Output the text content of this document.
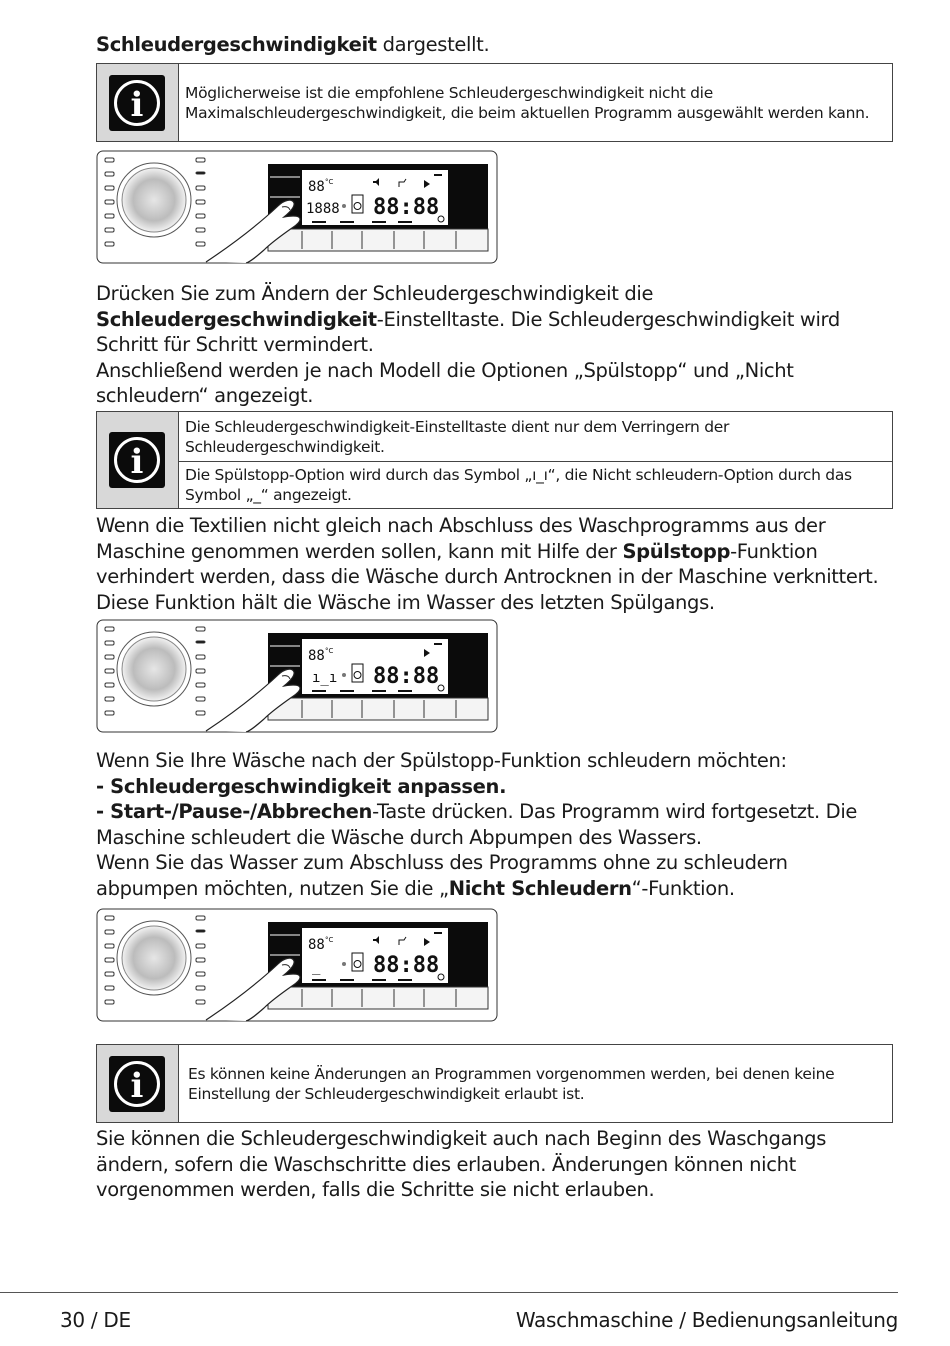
Schleudergeschwindigkeit dargestellt.
i	Möglicherweise ist die empfohlene Schleudergeschwindigkeit nicht die Maximalschleudergeschwindigkeit, die beim aktuellen Programm ausgewählt werden kann.
88 °C
1888 88:88
Drücken Sie zum Ändern der Schleudergeschwindigkeit die
Schleudergeschwindigkeit-Einstelltaste. Die Schleudergeschwindigkeit wird Schritt für Schritt vermindert.
Anschließend werden je nach Modell die Optionen „Spülstopp“ und „Nicht schleudern“ angezeigt.
i
Die Schleudergeschwindigkeit-Einstelltaste dient nur dem Verringern der Schleudergeschwindigkeit.
Die Spülstopp-Option wird durch das Symbol „ı_ı“, die Nicht schleudern-Option durch das Symbol „_“ angezeigt.
Wenn die Textilien nicht gleich nach Abschluss des Waschprogramms aus der Maschine genommen werden sollen, kann mit Hilfe der Spülstopp-Funktion verhindert werden, dass die Wäsche durch Antrocknen in der Maschine verknittert.
Diese Funktion hält die Wäsche im Wasser des letzten Spülgangs.
88 °C
ı_ı 88:88
Wenn Sie Ihre Wäsche nach der Spülstopp-Funktion schleudern möchten:
- Schleudergeschwindigkeit anpassen.
- Start-/Pause-/Abbrechen-Taste drücken. Das Programm wird fortgesetzt. Die Maschine schleudert die Wäsche durch Abpumpen des Wassers.
Wenn Sie das Wasser zum Abschluss des Programms ohne zu schleudern abpumpen möchten, nutzen Sie die „Nicht Schleudern“-Funktion.
88 °C
_ 88:88
i	Es können keine Änderungen an Programmen vorgenommen werden, bei denen keine Einstellung der Schleudergeschwindigkeit erlaubt ist.
Sie können die Schleudergeschwindigkeit auch nach Beginn des Waschgangs ändern, sofern die Waschschritte dies erlauben. Änderungen können nicht vorgenommen werden, falls die Schritte sie nicht erlauben.
30 / DE	Waschmaschine / Bedienungsanleitung
